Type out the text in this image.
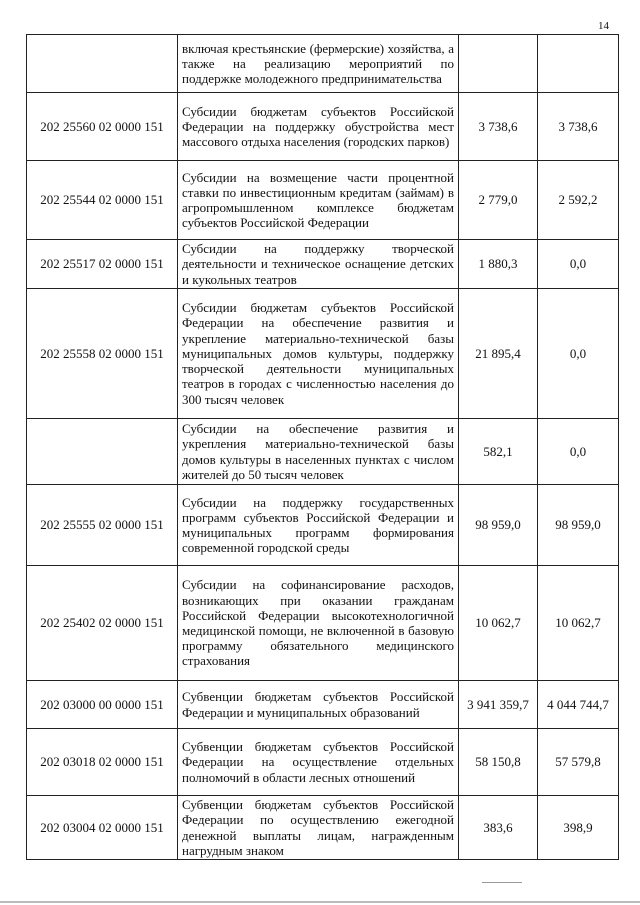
14
	включая крестьянские (фермерские) хозяйства, а также на реализацию мероприятий по поддержке молодежного предпринимательства		
202 25560 02 0000 151	Субсидии бюджетам субъектов Российской Федерации на поддержку обустройства мест массового отдыха населения (городских парков)	3 738,6	3 738,6
202 25544 02 0000 151	Субсидии на возмещение части процентной ставки по инвестиционным кредитам (займам) в агропромышленном комплексе бюджетам субъектов Российской Федерации	2 779,0	2 592,2
202 25517 02 0000 151	Субсидии на поддержку творческой деятельности и техническое оснащение детских и кукольных театров	1 880,3	0,0
202 25558 02 0000 151	Субсидии бюджетам субъектов Российской Федерации на обеспечение развития и укрепление материально-технической базы муниципальных домов культуры, поддержку творческой деятельности муниципальных театров в городах с численностью населения до 300 тысяч человек	21 895,4	0,0
	Субсидии на обеспечение развития и укрепления материально-технической базы домов культуры в населенных пунктах с числом жителей до 50 тысяч человек	582,1	0,0
202 25555 02 0000 151	Субсидии на поддержку государственных программ субъектов Российской Федерации и муниципальных программ формирования современной городской среды	98 959,0	98 959,0
202 25402 02 0000 151	Субсидии на софинансирование расходов, возникающих при оказании гражданам Российской Федерации высокотехнологичной медицинской помощи, не включенной в базовую программу обязательного медицинского страхования	10 062,7	10 062,7
202 03000 00 0000 151	Субвенции бюджетам субъектов Российской Федерации и муниципальных образований	3 941 359,7	4 044 744,7
202 03018 02 0000 151	Субвенции бюджетам субъектов Российской Федерации на осуществление отдельных полномочий в области лесных отношений	58 150,8	57 579,8
202 03004 02 0000 151	Субвенции бюджетам субъектов Российской Федерации по осуществлению ежегодной денежной выплаты лицам, награжденным нагрудным знаком	383,6	398,9
